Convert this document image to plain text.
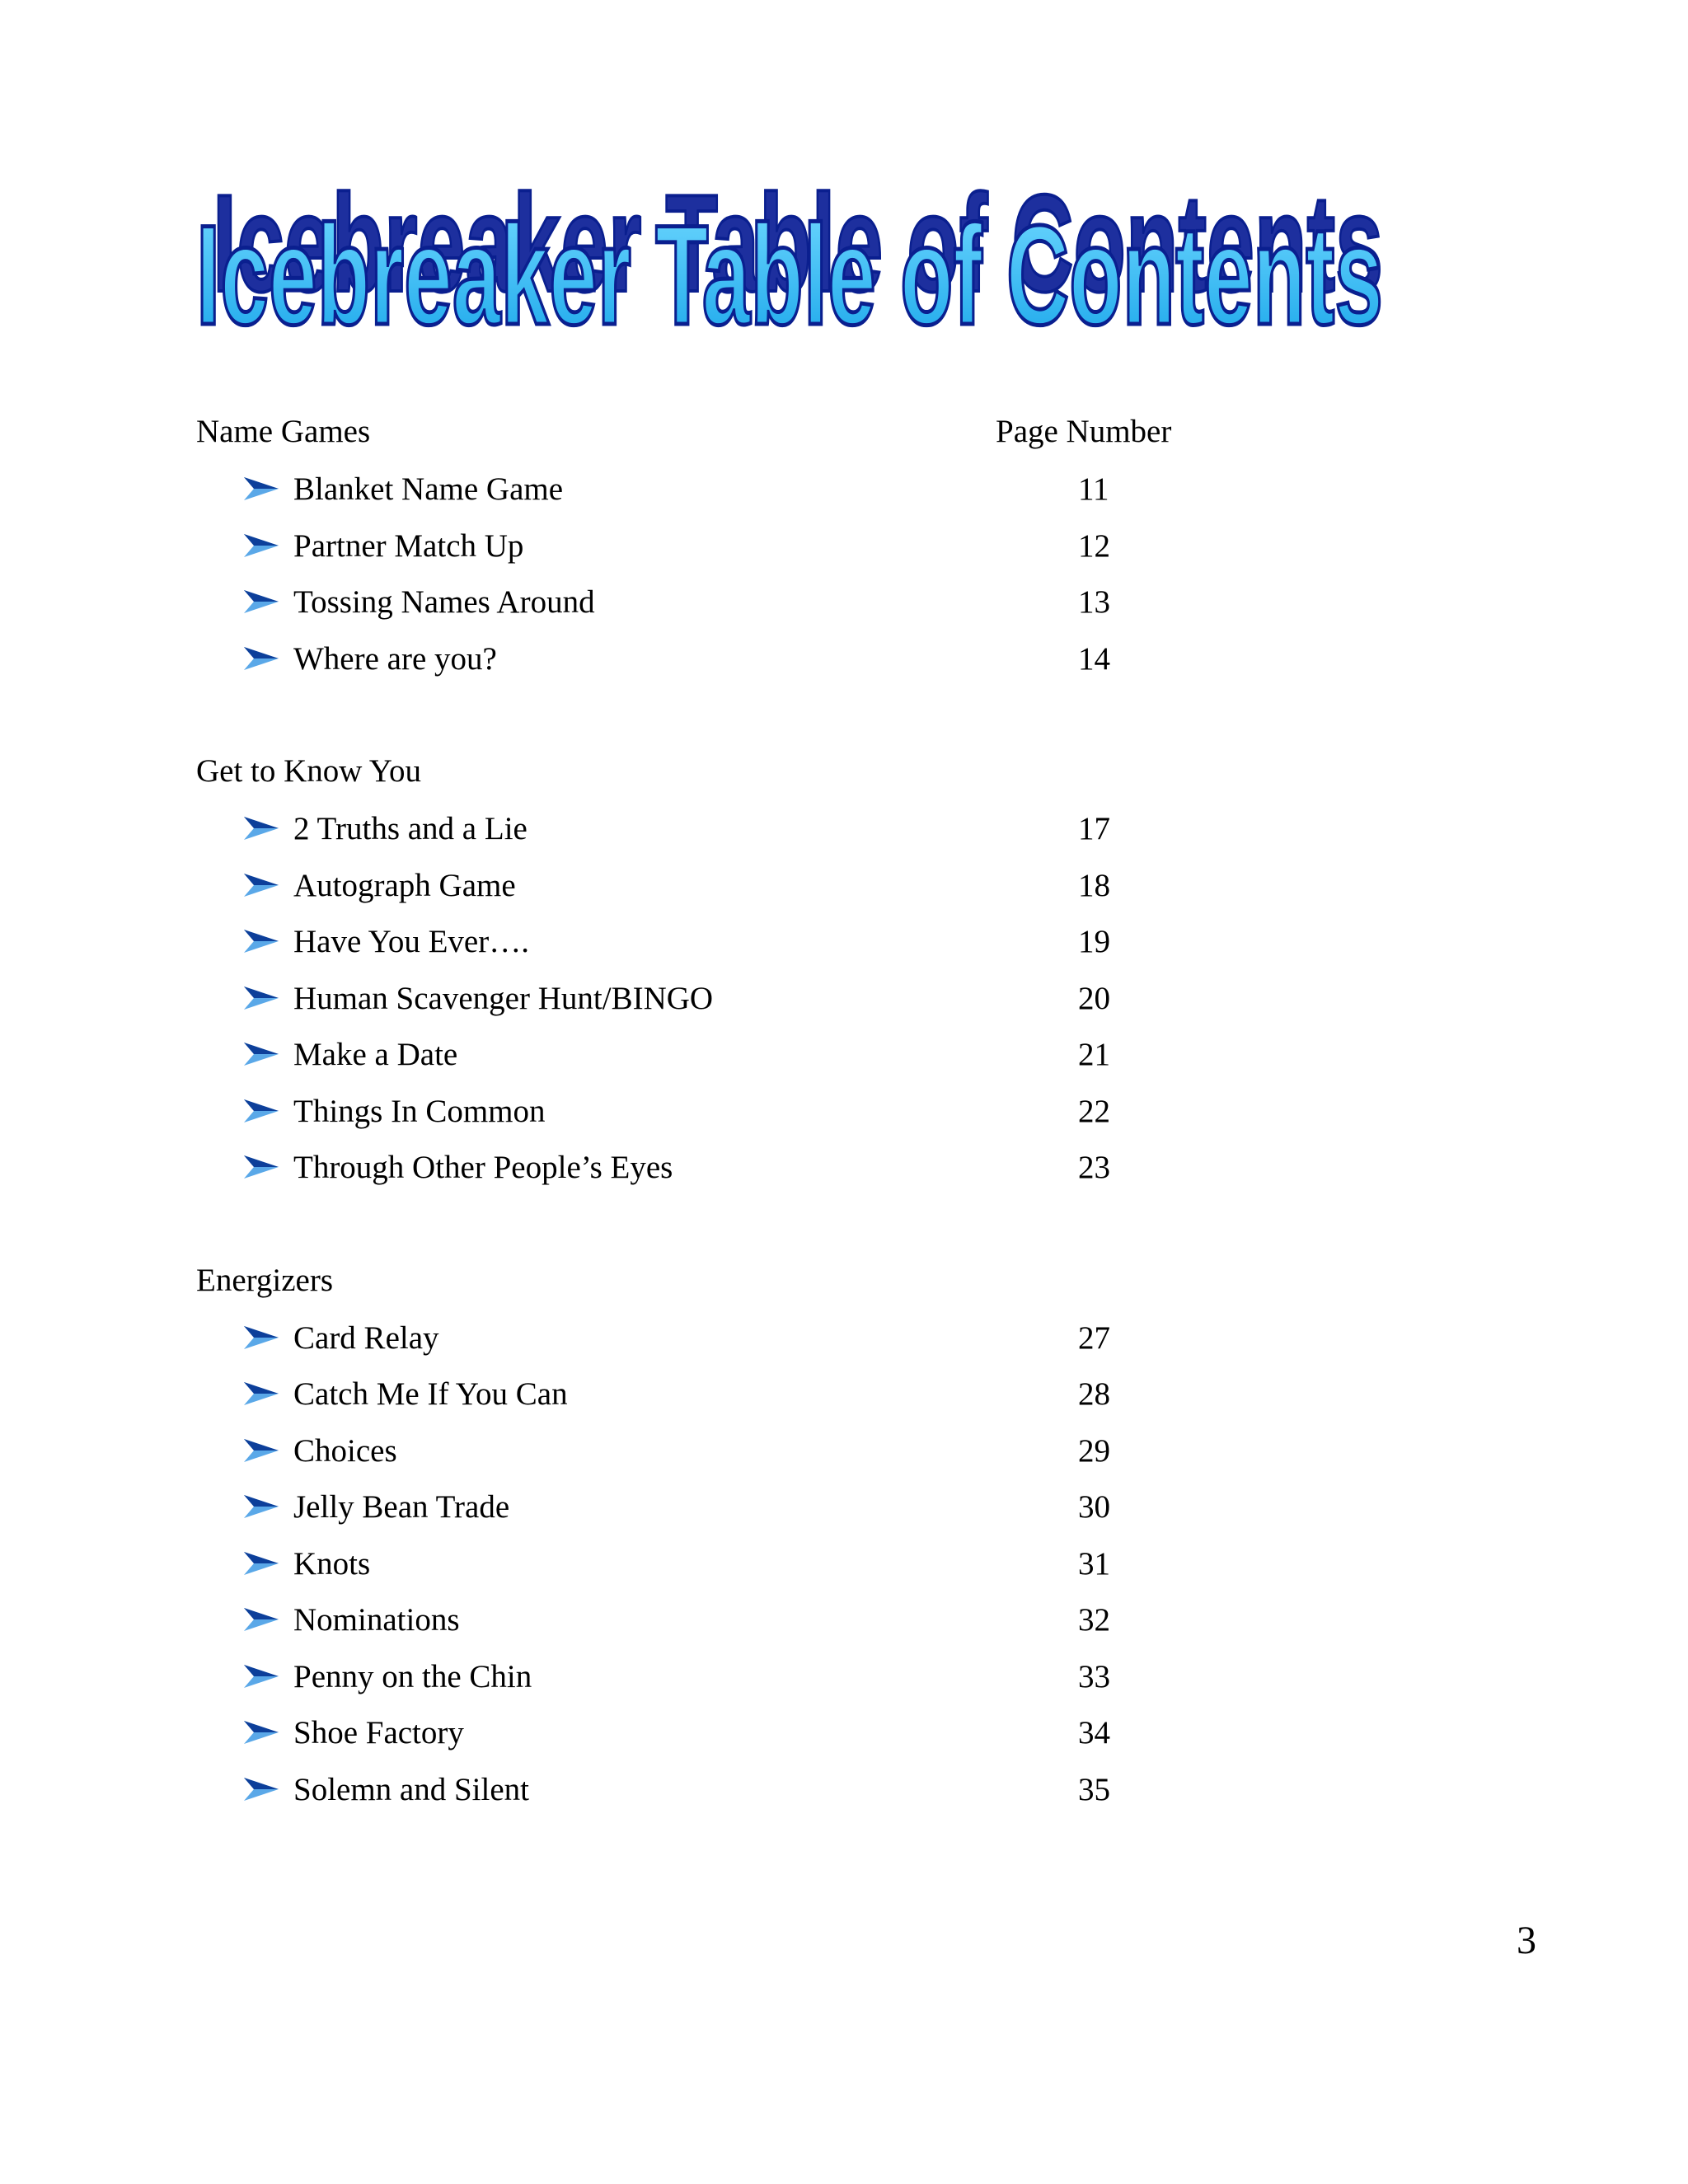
Icebreaker Table of Contents
Icebreaker Table of Contents
Name Games	Page Number
Blanket Name Game	11
Partner Match Up	12
Tossing Names Around	13
Where are you?	14
Get to Know You
2 Truths and a Lie	17
Autograph Game	18
Have You Ever….	19
Human Scavenger Hunt/BINGO	20
Make a Date	21
Things In Common	22
Through Other People’s Eyes	23
Energizers
Card Relay	27
Catch Me If You Can	28
Choices	29
Jelly Bean Trade	30
Knots	31
Nominations	32
Penny on the Chin	33
Shoe Factory	34
Solemn and Silent	35
3
